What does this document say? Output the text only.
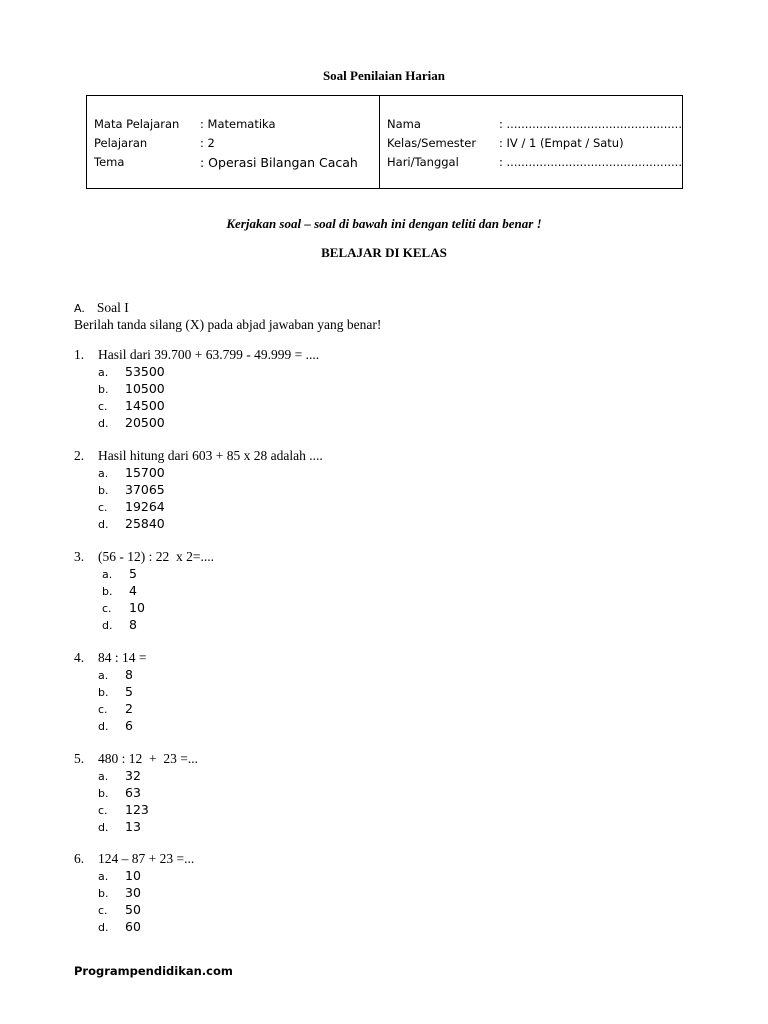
Soal Penilaian Harian
Mata Pelajaran : Matematika
Pelajaran	: 2
Tema	: Operasi Bilangan Cacah
Nama	: ................................................
Kelas/Semester : IV / 1 (Empat / Satu)
Hari/Tanggal	: ................................................
Kerjakan soal – soal di bawah ini dengan teliti dan benar !
BELAJAR DI KELAS
A. Soal I
Berilah tanda silang (X) pada abjad jawaban yang benar!
1. Hasil dari 39.700 + 63.799 - 49.999 = ....
a. 53500
b. 10500
c. 14500
d. 20500
2. Hasil hitung dari 603 + 85 x 28 adalah ....
a. 15700
b. 37065
c. 19264
d. 25840
3. (56 - 12) : 22  x 2=....
a. 5
b. 4
c. 10
d. 8
4. 84 : 14 =
a. 8
b. 5
c. 2
d. 6
5. 480 : 12  +  23 =...
a. 32
b. 63
c. 123
d. 13
6. 124 – 87 + 23 =...
a. 10
b. 30
c. 50
d. 60
Programpendidikan.com
